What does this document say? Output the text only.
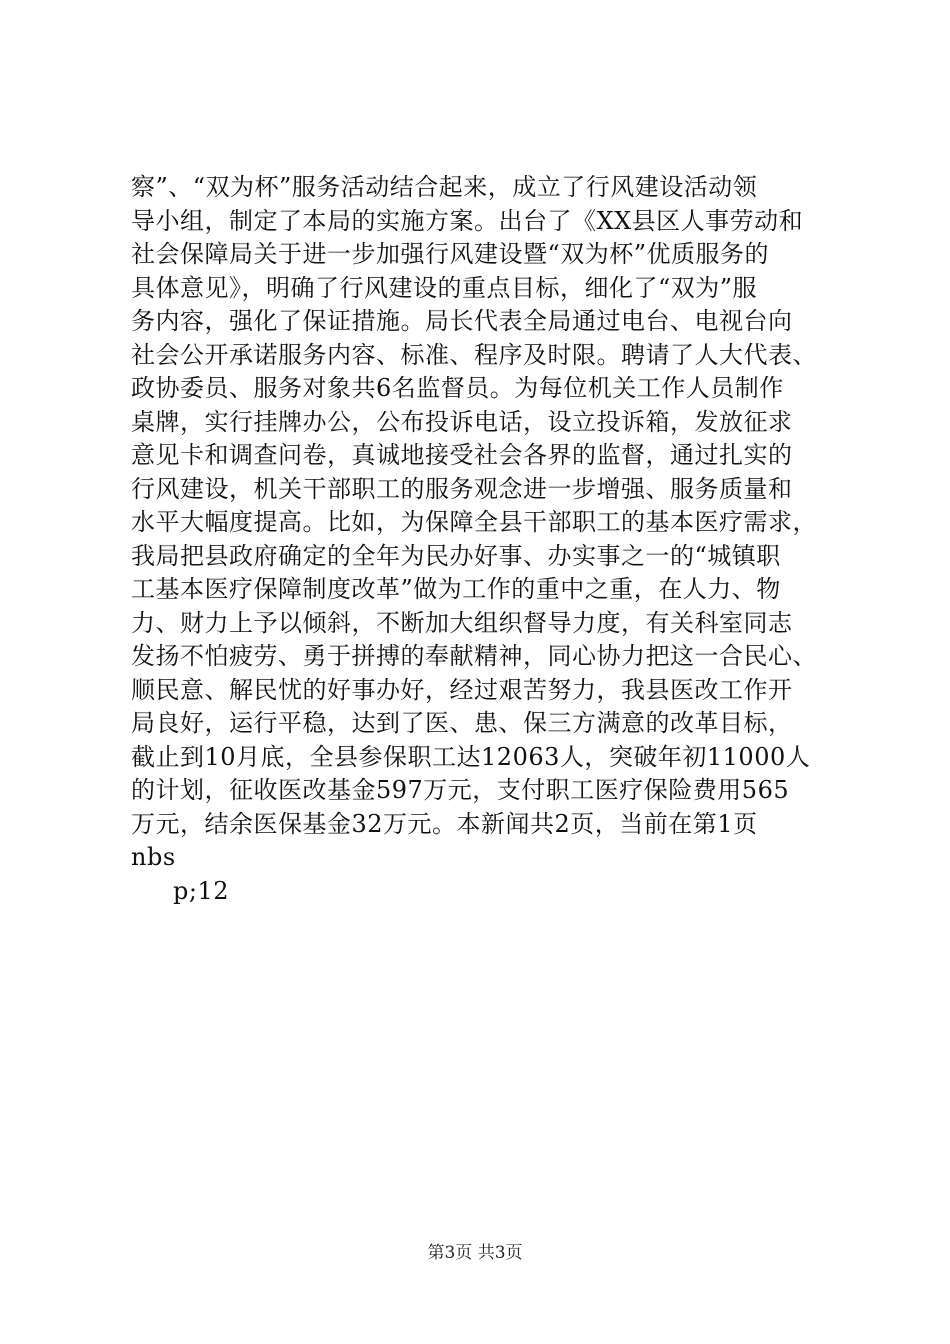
察”、“双为杯”服务活动结合起来，成立了行风建设活动领
导小组，制定了本局的实施方案。出台了《XX县区人事劳动和
社会保障局关于进一步加强行风建设暨“双为杯”优质服务的
具体意见》，明确了行风建设的重点目标，细化了“双为”服
务内容，强化了保证措施。局长代表全局通过电台、电视台向
社会公开承诺服务内容、标准、程序及时限。聘请了人大代表、
政协委员、服务对象共6名监督员。为每位机关工作人员制作
桌牌，实行挂牌办公，公布投诉电话，设立投诉箱，发放征求
意见卡和调查问卷，真诚地接受社会各界的监督，通过扎实的
行风建设，机关干部职工的服务观念进一步增强、服务质量和
水平大幅度提高。比如，为保障全县干部职工的基本医疗需求，
我局把县政府确定的全年为民办好事、办实事之一的“城镇职
工基本医疗保障制度改革”做为工作的重中之重，在人力、物
力、财力上予以倾斜，不断加大组织督导力度，有关科室同志
发扬不怕疲劳、勇于拼搏的奉献精神，同心协力把这一合民心、
顺民意、解民忧的好事办好，经过艰苦努力，我县医改工作开
局良好，运行平稳，达到了医、患、保三方满意的改革目标，
截止到10月底，全县参保职工达12063人，突破年初11000人
的计划，征收医改基金597万元，支付职工医疗保险费用565
万元，结余医保基金32万元。本新闻共2页，当前在第1页
nbs
p;12
第3页 共3页
